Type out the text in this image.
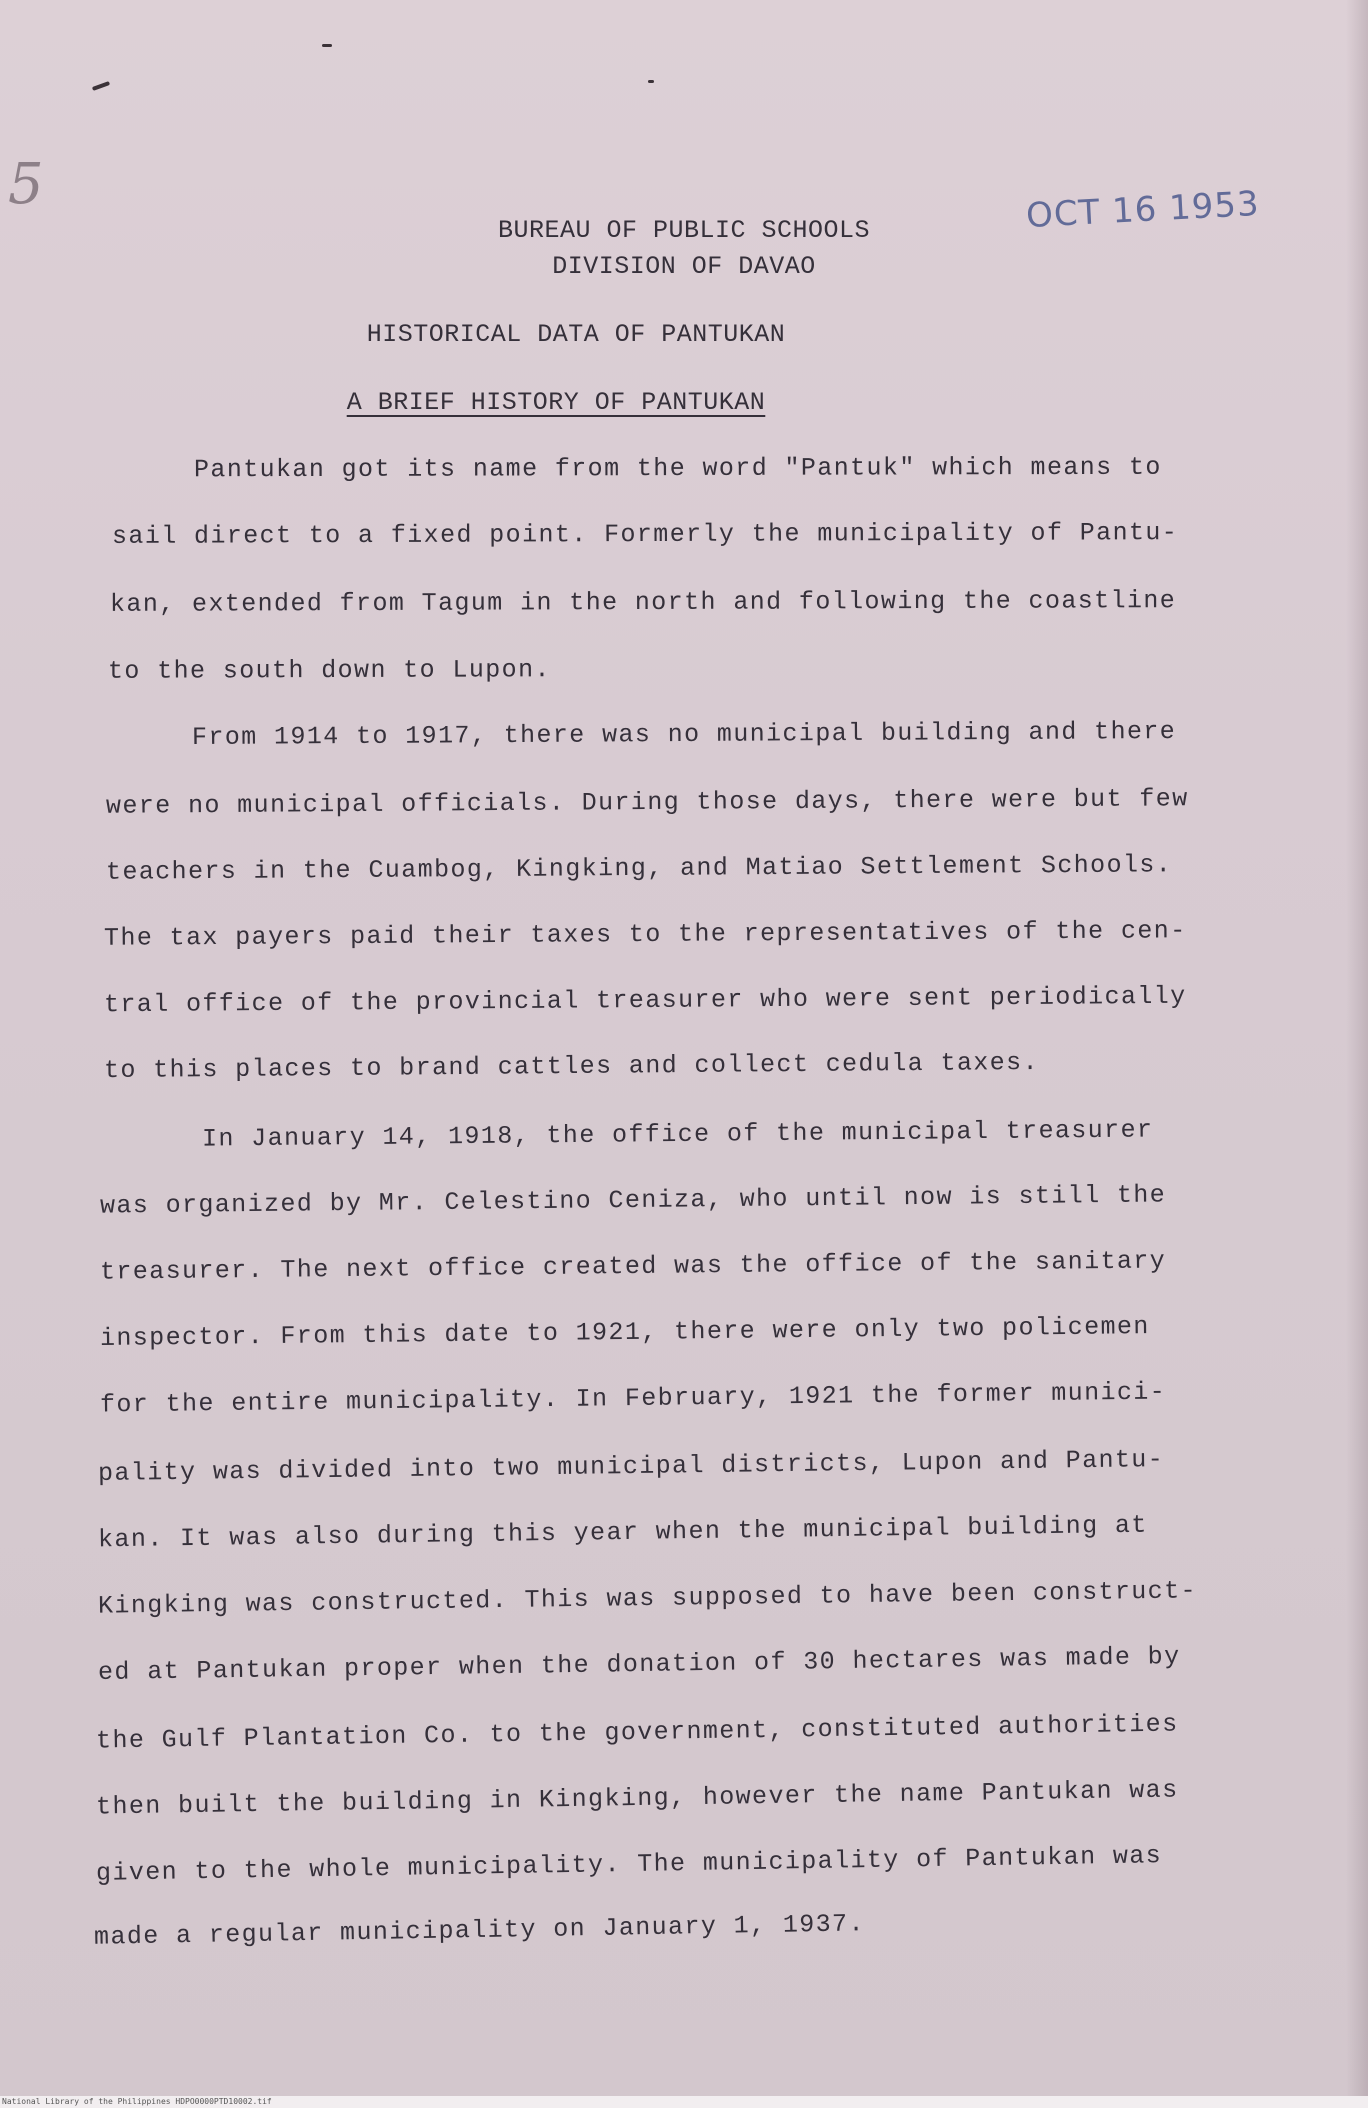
5	OCT 16 1953

BUREAU OF PUBLIC SCHOOLS

DIVISION OF DAVAO

HISTORICAL DATA OF PANTUKAN

A BRIEF HISTORY OF PANTUKAN

Pantukan got its name from the word "Pantuk" which means to

sail direct to a fixed point. Formerly the municipality of Pantu-

kan, extended from Tagum in the north and following the coastline

to the south down to Lupon.

From 1914 to 1917, there was no municipal building and there

were no municipal officials. During those days, there were but few

teachers in the Cuambog, Kingking, and Matiao Settlement Schools.

The tax payers paid their taxes to the representatives of the cen-

tral office of the provincial treasurer who were sent periodically

to this places to brand cattles and collect cedula taxes.

In January 14, 1918, the office of the municipal treasurer

was organized by Mr. Celestino Ceniza, who until now is still the

treasurer. The next office created was the office of the sanitary

inspector. From this date to 1921, there were only two policemen

for the entire municipality. In February, 1921 the former munici-

pality was divided into two municipal districts, Lupon and Pantu-

kan. It was also during this year when the municipal building at

Kingking was constructed. This was supposed to have been construct-

ed at Pantukan proper when the donation of 30 hectares was made by

the Gulf Plantation Co. to the government, constituted authorities

then built the building in Kingking, however the name Pantukan was

given to the whole municipality. The municipality of Pantukan was

made a regular municipality on January 1, 1937.

National Library of the Philippines HDPO0000PTD10002.tif
